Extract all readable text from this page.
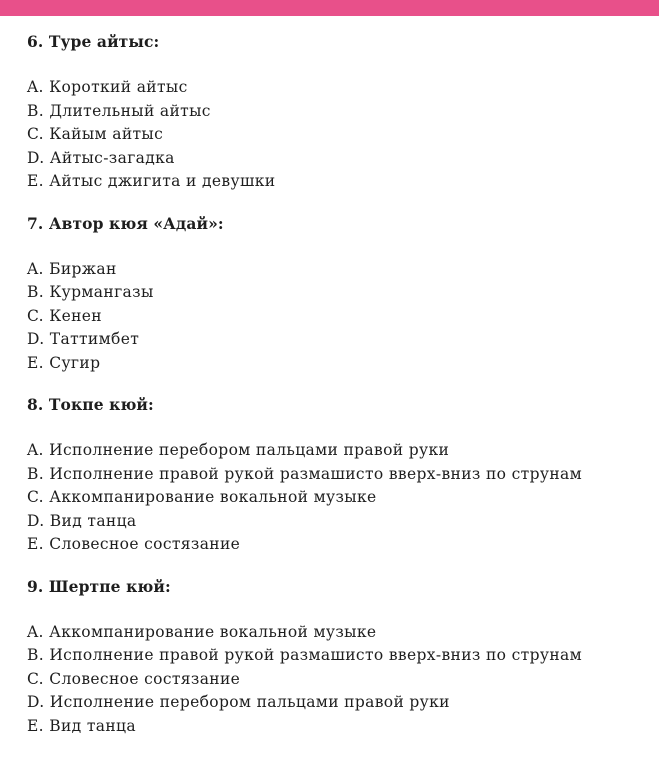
6. Туре айтыс:
A . Короткий айтыс
B . Длительный айтыс
C . Кайым айтыс
D . Айтыс-загадка
E . Айтыс джигита и девушки
7. Автор кюя «Адай»:
A . Биржан
B . Курмангазы
C . Кенен
D . Таттимбет
E . Сугир
8. Токпе кюй:
A . Исполнение перебором пальцами правой руки
B . Исполнение правой рукой размашисто вверх-вниз по струнам
C . Аккомпанирование вокальной музыке
D . Вид танца
E . Словесное состязание
9. Шертпе кюй:
A . Аккомпанирование вокальной музыке
B . Исполнение правой рукой размашисто вверх-вниз по струнам
C . Словесное состязание
D . Исполнение перебором пальцами правой руки
E . Вид танца
